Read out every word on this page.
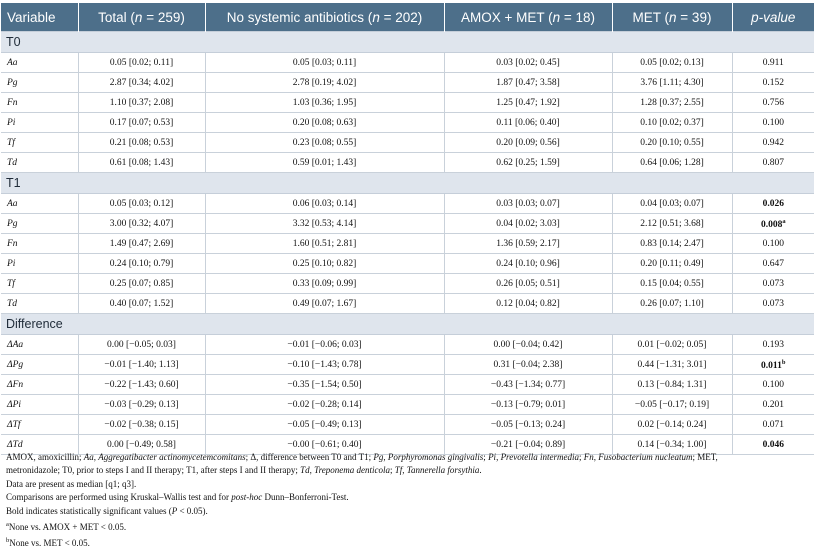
Variable	Total (n = 259)	No systemic antibiotics (n = 202)	AMOX + MET (n = 18)	MET (n = 39)	p-value
T0					
Aa	0.05 [0.02; 0.11]	0.05 [0.03; 0.11]	0.03 [0.02; 0.45]	0.05 [0.02; 0.13]	0.911
Pg	2.87 [0.34; 4.02]	2.78 [0.19; 4.02]	1.87 [0.47; 3.58]	3.76 [1.11; 4.30]	0.152
Fn	1.10 [0.37; 2.08]	1.03 [0.36; 1.95]	1.25 [0.47; 1.92]	1.28 [0.37; 2.55]	0.756
Pi	0.17 [0.07; 0.53]	0.20 [0.08; 0.63]	0.11 [0.06; 0.40]	0.10 [0.02; 0.37]	0.100
Tf	0.21 [0.08; 0.53]	0.23 [0.08; 0.55]	0.20 [0.09; 0.56]	0.20 [0.10; 0.55]	0.942
Td	0.61 [0.08; 1.43]	0.59 [0.01; 1.43]	0.62 [0.25; 1.59]	0.64 [0.06; 1.28]	0.807
T1					
Aa	0.05 [0.03; 0.12]	0.06 [0.03; 0.14]	0.03 [0.03; 0.07]	0.04 [0.03; 0.07]	0.026
Pg	3.00 [0.32; 4.07]	3.32 [0.53; 4.14]	0.04 [0.02; 3.03]	2.12 [0.51; 3.68]	0.008$^a$
Fn	1.49 [0.47; 2.69]	1.60 [0.51; 2.81]	1.36 [0.59; 2.17]	0.83 [0.14; 2.47]	0.100
Pi	0.24 [0.10; 0.79]	0.25 [0.10; 0.82]	0.24 [0.10; 0.96]	0.20 [0.11; 0.49]	0.647
Tf	0.25 [0.07; 0.85]	0.33 [0.09; 0.99]	0.26 [0.05; 0.51]	0.15 [0.04; 0.55]	0.073
Td	0.40 [0.07; 1.52]	0.49 [0.07; 1.67]	0.12 [0.04; 0.82]	0.26 [0.07; 1.10]	0.073
Difference					
ΔAa	0.00 [−0.05; 0.03]	−0.01 [−0.06; 0.03]	0.00 [−0.04; 0.42]	0.01 [−0.02; 0.05]	0.193
ΔPg	−0.01 [−1.40; 1.13]	−0.10 [−1.43; 0.78]	0.31 [−0.04; 2.38]	0.44 [−1.31; 3.01]	0.011$^b$
ΔFn	−0.22 [−1.43; 0.60]	−0.35 [−1.54; 0.50]	−0.43 [−1.34; 0.77]	0.13 [−0.84; 1.31]	0.100
ΔPi	−0.03 [−0.29; 0.13]	−0.02 [−0.28; 0.14]	−0.13 [−0.79; 0.01]	−0.05 [−0.17; 0.19]	0.201
ΔTf	−0.02 [−0.38; 0.15]	−0.05 [−0.49; 0.13]	−0.05 [−0.13; 0.24]	0.02 [−0.14; 0.24]	0.071
ΔTd	0.00 [−0.49; 0.58]	−0.00 [−0.61; 0.40]	−0.21 [−0.04; 0.89]	0.14 [−0.34; 1.00]	0.046
AMOX, amoxicillin; Aa, Aggregatibacter actinomycetemcomitans; Δ, difference between T0 and T1; Pg, Porphyromonas gingivalis; Pi, Prevotella intermedia; Fn, Fusobacterium nucleatum; MET,
metronidazole; T0, prior to steps I and II therapy; T1, after steps I and II therapy; Td, Treponema denticola; Tf, Tannerella forsythia.
Data are present as median [q1; q3].
Comparisons are performed using Kruskal–Wallis test and for post-hoc Dunn–Bonferroni-Test.
Bold indicates statistically significant values (P < 0.05).
$^a$None vs. AMOX + MET < 0.05.
$^b$None vs. MET < 0.05.
